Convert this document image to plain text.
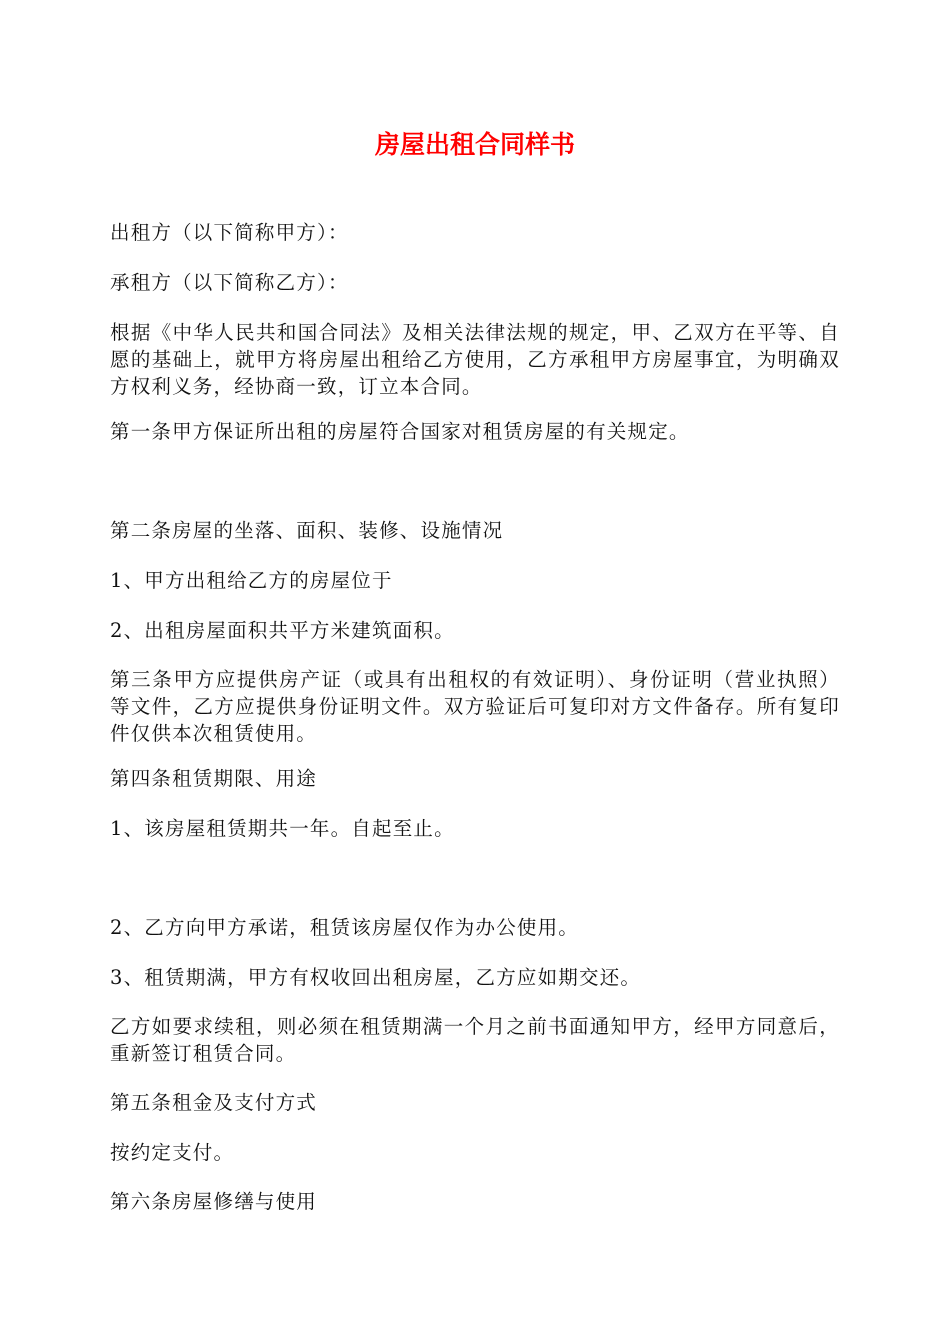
房屋出租合同样书
出租方（以下简称甲方）：
承租方（以下简称乙方）：
根据《中华人民共和国合同法》及相关法律法规的规定，甲、乙双方在平等、自愿的基础上，就甲方将房屋出租给乙方使用，乙方承租甲方房屋事宜，为明确双方权利义务，经协商一致，订立本合同。
第一条甲方保证所出租的房屋符合国家对租赁房屋的有关规定。
第二条房屋的坐落、面积、装修、设施情况
1、甲方出租给乙方的房屋位于
2、出租房屋面积共平方米建筑面积。
第三条甲方应提供房产证（或具有出租权的有效证明）、身份证明（营业执照）等文件，乙方应提供身份证明文件。双方验证后可复印对方文件备存。所有复印件仅供本次租赁使用。
第四条租赁期限、用途
1、该房屋租赁期共一年。自起至止。
2、乙方向甲方承诺，租赁该房屋仅作为办公使用。
3、租赁期满，甲方有权收回出租房屋，乙方应如期交还。
乙方如要求续租，则必须在租赁期满一个月之前书面通知甲方，经甲方同意后，重新签订租赁合同。
第五条租金及支付方式
按约定支付。
第六条房屋修缮与使用
